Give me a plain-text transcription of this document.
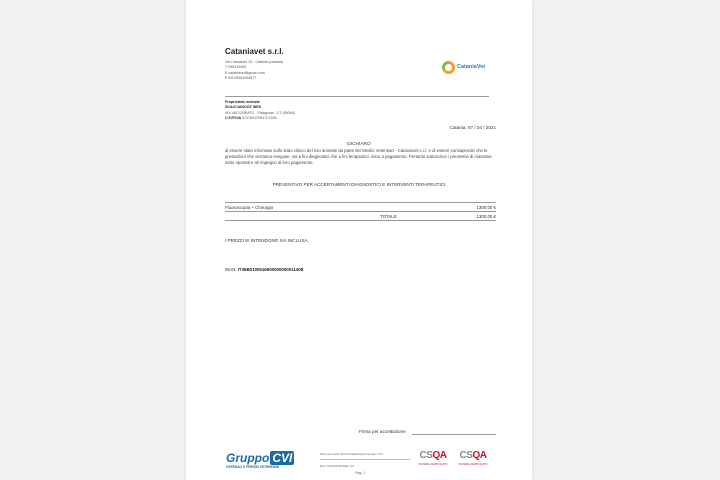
Cataniavet s.r.l.
Via Carcaluso 10 - Catania (catania)
T 095410405
E cataniavet@gmail.com
P.IVA 05081090877
CataniaVet
Proprietario animale
SCACCIANOCE INES
VIA VACCARIATO - Palagonia - CT (95046)
C.F./P.IVA SCCNSI75R47C1506
Catania, 07 / 04 / 2021
DICHIARO
di essere stato informato sullo stato clinico del mio animale da parte dei Medici Veterinari - Cataniavet s.r.l. e di essere consapevole che le prestazioni che verranno eseguite, sia a fini diagnostici che a fini terapeutici, sono a pagamento. Pertanto sottoscrivo i preventivi di massima sotto riportati e mi impegno al loro pagamento.
PREVENTIVO PER ACCERTAMENTI DIAGNOSTICI E INTERVENTI TERAPEUTICI
Fluoroscopia + Chirurgia	1300,00 €
TOTALE	1300,00 €
I PREZZI SI INTENDONO IVA INCLUSA.
IBAN: IT36B0100516900000000011408
Firma per accettazione
Gruppo CVI
OSPEDALI E PRESIDI VETERINARI
Dott.ssa Lucia Stricchi Mastroianni Gruppo CVI
Rev. 01/01/2018 REC_03
Pag. 1
CSQA
SISTEMA CERTIFICATO
CSQA
SISTEMA CERTIFICATO
